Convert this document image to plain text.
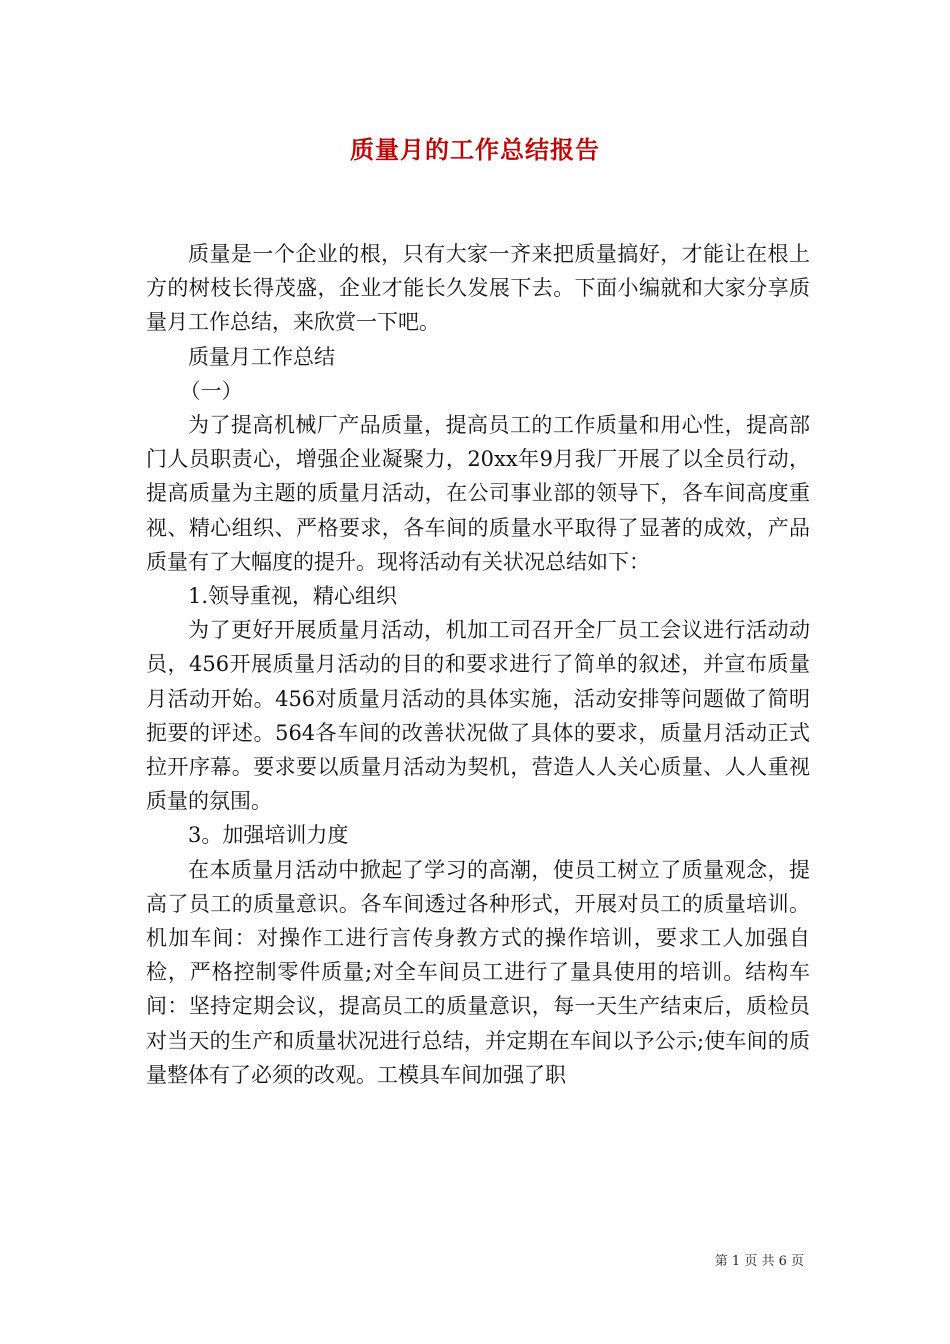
质量月的工作总结报告

质量是一个企业的根，只有大家一齐来把质量搞好，才能让在根上方的树枝长得茂盛，企业才能长久发展下去。下面小编就和大家分享质量月工作总结，来欣赏一下吧。

质量月工作总结

（一）

为了提高机械厂产品质量，提高员工的工作质量和用心性，提高部门人员职责心，增强企业凝聚力，20xx年9月我厂开展了以全员行动，提高质量为主题的质量月活动，在公司事业部的领导下，各车间高度重视、精心组织、严格要求，各车间的质量水平取得了显著的成效，产品质量有了大幅度的提升。现将活动有关状况总结如下：

1.领导重视，精心组织

为了更好开展质量月活动，机加工司召开全厂员工会议进行活动动员，456开展质量月活动的目的和要求进行了简单的叙述，并宣布质量月活动开始。456对质量月活动的具体实施，活动安排等问题做了简明扼要的评述。564各车间的改善状况做了具体的要求，质量月活动正式拉开序幕。要求要以质量月活动为契机，营造人人关心质量、人人重视质量的氛围。

3。加强培训力度

在本质量月活动中掀起了学习的高潮，使员工树立了质量观念，提高了员工的质量意识。各车间透过各种形式，开展对员工的质量培训。机加车间：对操作工进行言传身教方式的操作培训，要求工人加强自检，严格控制零件质量;对全车间员工进行了量具使用的培训。结构车间：坚持定期会议，提高员工的质量意识，每一天生产结束后，质检员对当天的生产和质量状况进行总结，并定期在车间以予公示;使车间的质量整体有了必须的改观。工模具车间加强了职

第 1 页 共 6 页
